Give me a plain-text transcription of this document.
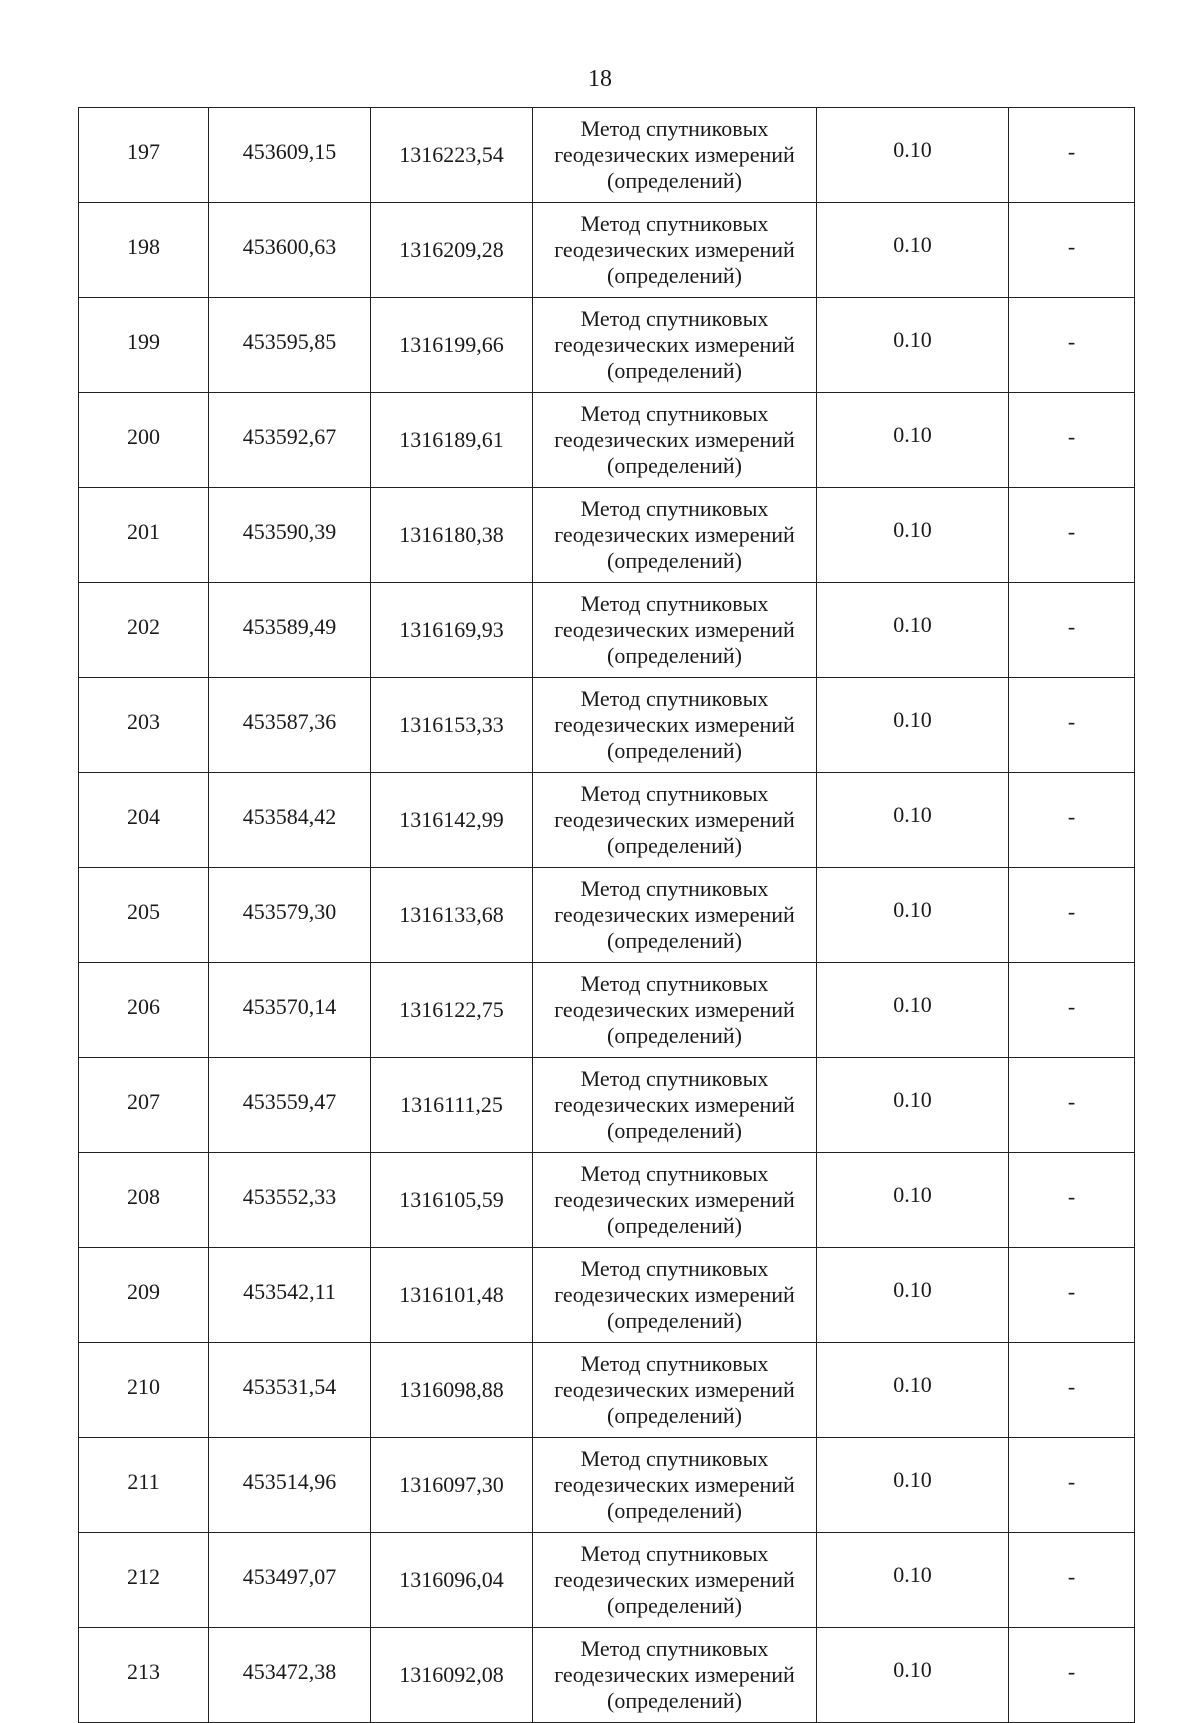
18
197	453609,15	1316223,54	Метод спутниковых
геодезических измерений
(определений)	0.10	-

198	453600,63	1316209,28	Метод спутниковых
геодезических измерений
(определений)	0.10	-

199	453595,85	1316199,66	Метод спутниковых
геодезических измерений
(определений)	0.10	-

200	453592,67	1316189,61	Метод спутниковых
геодезических измерений
(определений)	0.10	-

201	453590,39	1316180,38	Метод спутниковых
геодезических измерений
(определений)	0.10	-

202	453589,49	1316169,93	Метод спутниковых
геодезических измерений
(определений)	0.10	-

203	453587,36	1316153,33	Метод спутниковых
геодезических измерений
(определений)	0.10	-

204	453584,42	1316142,99	Метод спутниковых
геодезических измерений
(определений)	0.10	-

205	453579,30	1316133,68	Метод спутниковых
геодезических измерений
(определений)	0.10	-

206	453570,14	1316122,75	Метод спутниковых
геодезических измерений
(определений)	0.10	-

207	453559,47	1316111,25	Метод спутниковых
геодезических измерений
(определений)	0.10	-

208	453552,33	1316105,59	Метод спутниковых
геодезических измерений
(определений)	0.10	-

209	453542,11	1316101,48	Метод спутниковых
геодезических измерений
(определений)	0.10	-

210	453531,54	1316098,88	Метод спутниковых
геодезических измерений
(определений)	0.10	-

211	453514,96	1316097,30	Метод спутниковых
геодезических измерений
(определений)	0.10	-

212	453497,07	1316096,04	Метод спутниковых
геодезических измерений
(определений)	0.10	-

213	453472,38	1316092,08	Метод спутниковых
геодезических измерений
(определений)	0.10	-
